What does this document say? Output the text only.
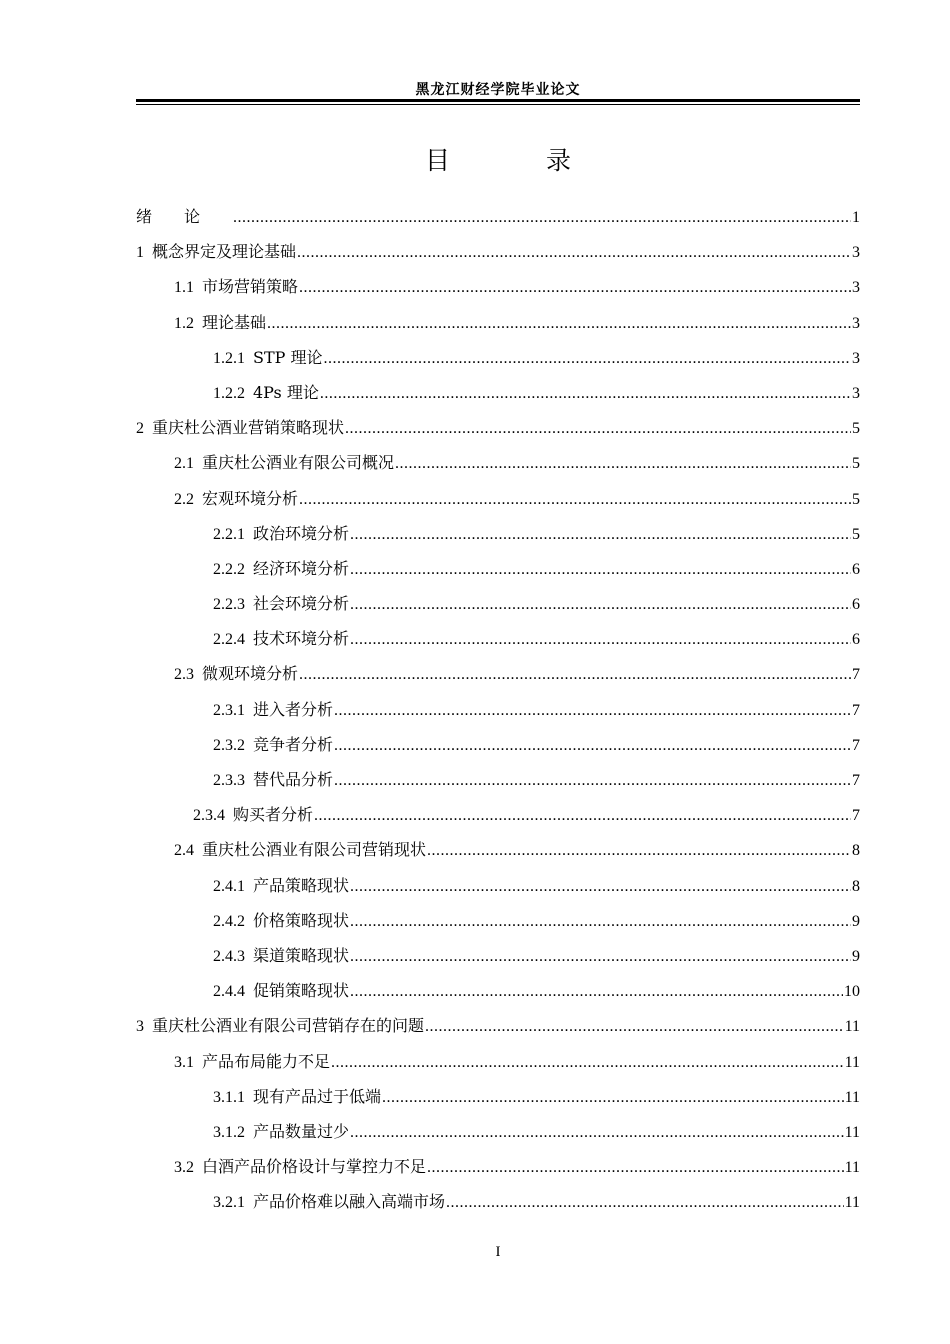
黑龙江财经学院毕业论文
目 录
绪论 .....	1
1 概念界定及理论基础 .....	3
1.1 市场营销策略 .....	3
1.2 理论基础 .....	3
1.2.1 STP 理论 .....	3
1.2.2 4Ps 理论 .....	3
2 重庆杜公酒业营销策略现状 .....	5
2.1 重庆杜公酒业有限公司概况 .....	5
2.2 宏观环境分析 .....	5
2.2.1 政治环境分析 .....	5
2.2.2 经济环境分析 .....	6
2.2.3 社会环境分析 .....	6
2.2.4 技术环境分析 .....	6
2.3 微观环境分析 .....	7
2.3.1 进入者分析 .....	7
2.3.2 竞争者分析 .....	7
2.3.3 替代品分析 .....	7
2.3.4 购买者分析 .....	7
2.4 重庆杜公酒业有限公司营销现状 .....	8
2.4.1 产品策略现状 .....	8
2.4.2 价格策略现状 .....	9
2.4.3 渠道策略现状 .....	9
2.4.4 促销策略现状 .....	10
3 重庆杜公酒业有限公司营销存在的问题 .....	11
3.1 产品布局能力不足 .....	11
3.1.1 现有产品过于低端 .....	11
3.1.2 产品数量过少 .....	11
3.2 白酒产品价格设计与掌控力不足 .....	11
3.2.1 产品价格难以融入高端市场 .....	11
I
